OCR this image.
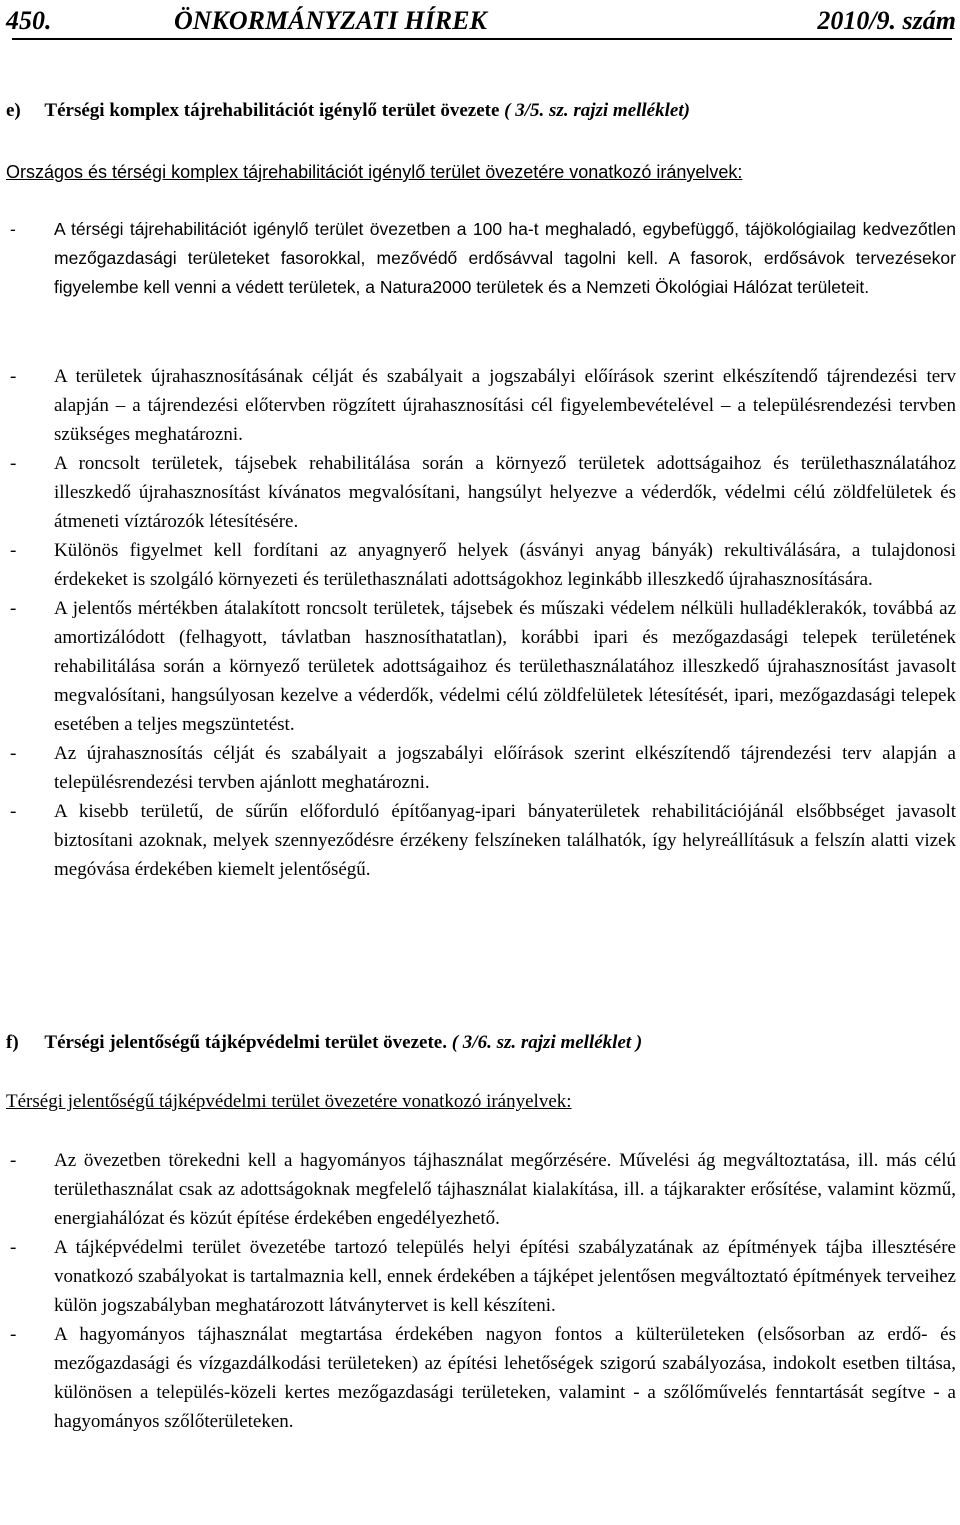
450.	ÖNKORMÁNYZATI HÍREK	2010/9. szám
e) Térségi komplex tájrehabilitációt igénylő terület övezete ( 3/5. sz. rajzi melléklet)
Országos és térségi komplex tájrehabilitációt igénylő terület övezetére vonatkozó irányelvek:
- A térségi tájrehabilitációt igénylő terület övezetben a 100 ha-t meghaladó, egybefüggő, tájökológiailag kedvezőtlen mezőgazdasági területeket fasorokkal, mezővédő erdősávval tagolni kell. A fasorok, erdősávok tervezésekor figyelembe kell venni a védett területek, a Natura2000 területek és a Nemzeti Ökológiai Hálózat területeit.
- A területek újrahasznosításának célját és szabályait a jogszabályi előírások szerint elkészítendő tájrendezési terv alapján – a tájrendezési előtervben rögzített újrahasznosítási cél figyelembevételével – a településrendezési tervben szükséges meghatározni.
- A roncsolt területek, tájsebek rehabilitálása során a környező területek adottságaihoz és területhasználatához illeszkedő újrahasznosítást kívánatos megvalósítani, hangsúlyt helyezve a véderdők, védelmi célú zöldfelületek és átmeneti víztározók létesítésére.
- Különös figyelmet kell fordítani az anyagnyerő helyek (ásványi anyag bányák) rekultiválására, a tulajdonosi érdekeket is szolgáló környezeti és területhasználati adottságokhoz leginkább illeszkedő újrahasznosítására.
- A jelentős mértékben átalakított roncsolt területek, tájsebek és műszaki védelem nélküli hulladéklerakók, továbbá az amortizálódott (felhagyott, távlatban hasznosíthatatlan), korábbi ipari és mezőgazdasági telepek területének rehabilitálása során a környező területek adottságaihoz és területhasználatához illeszkedő újrahasznosítást javasolt megvalósítani, hangsúlyosan kezelve a véderdők, védelmi célú zöldfelületek létesítését, ipari, mezőgazdasági telepek esetében a teljes megszüntetést.
- Az újrahasznosítás célját és szabályait a jogszabályi előírások szerint elkészítendő tájrendezési terv alapján a településrendezési tervben ajánlott meghatározni.
- A kisebb területű, de sűrűn előforduló építőanyag-ipari bányaterületek rehabilitációjánál elsőbbséget javasolt biztosítani azoknak, melyek szennyeződésre érzékeny felszíneken találhatók, így helyreállításuk a felszín alatti vizek megóvása érdekében kiemelt jelentőségű.
f) Térségi jelentőségű tájképvédelmi terület övezete. ( 3/6. sz. rajzi melléklet )
Térségi jelentőségű tájképvédelmi terület övezetére vonatkozó irányelvek:
- Az övezetben törekedni kell a hagyományos tájhasználat megőrzésére. Művelési ág megváltoztatása, ill. más célú területhasználat csak az adottságoknak megfelelő tájhasználat kialakítása, ill. a tájkarakter erősítése, valamint közmű, energiahálózat és közút építése érdekében engedélyezhető.
- A tájképvédelmi terület övezetébe tartozó település helyi építési szabályzatának az építmények tájba illesztésére vonatkozó szabályokat is tartalmaznia kell, ennek érdekében a tájképet jelentősen megváltoztató építmények terveihez külön jogszabályban meghatározott látványtervet is kell készíteni.
- A hagyományos tájhasználat megtartása érdekében nagyon fontos a külterületeken (elsősorban az erdő- és mezőgazdasági és vízgazdálkodási területeken) az építési lehetőségek szigorú szabályozása, indokolt esetben tiltása, különösen a település-közeli kertes mezőgazdasági területeken, valamint - a szőlőművelés fenntartását segítve - a hagyományos szőlőterületeken.
